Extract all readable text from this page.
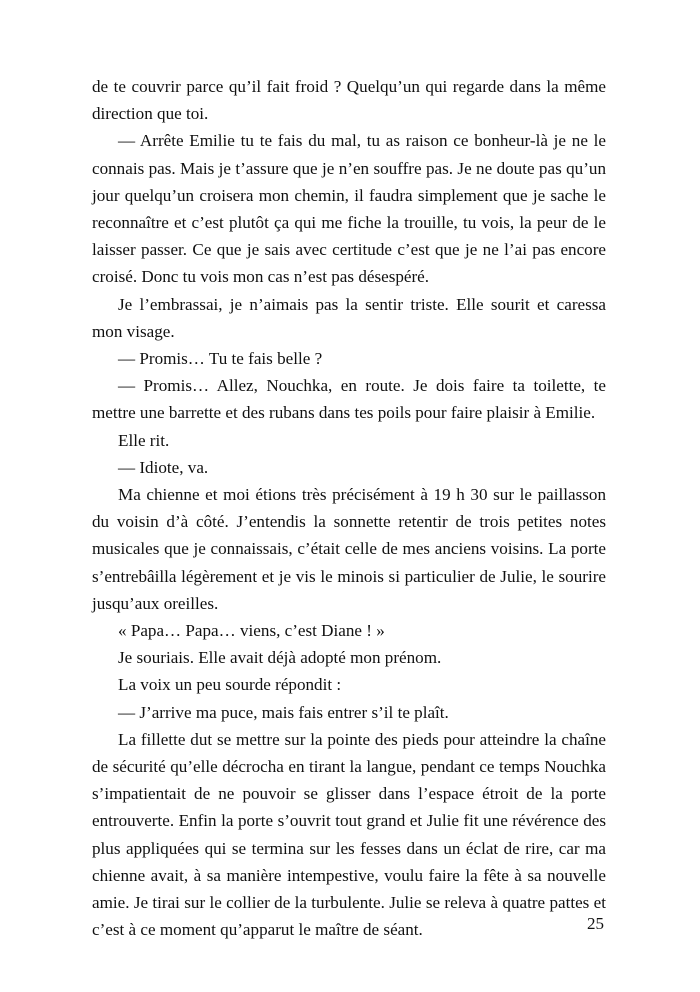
de te couvrir parce qu’il fait froid ? Quelqu’un qui regarde dans la même direction que toi.

— Arrête Emilie tu te fais du mal, tu as raison ce bonheur-là je ne le connais pas. Mais je t’assure que je n’en souffre pas. Je ne doute pas qu’un jour quelqu’un croisera mon chemin, il faudra simplement que je sache le reconnaître et c’est plutôt ça qui me fiche la trouille, tu vois, la peur de le laisser passer. Ce que je sais avec certitude c’est que je ne l’ai pas encore croisé. Donc tu vois mon cas n’est pas désespéré.

Je l’embrassai, je n’aimais pas la sentir triste. Elle sourit et caressa mon visage.

— Promis… Tu te fais belle ?

— Promis… Allez, Nouchka, en route. Je dois faire ta toilette, te mettre une barrette et des rubans dans tes poils pour faire plaisir à Emilie.

Elle rit.

— Idiote, va.

Ma chienne et moi étions très précisément à 19 h 30 sur le paillasson du voisin d’à côté. J’entendis la sonnette retentir de trois petites notes musicales que je connaissais, c’était celle de mes anciens voisins. La porte s’entrebâilla légèrement et je vis le minois si particulier de Julie, le sourire jusqu’aux oreilles.

« Papa… Papa… viens, c’est Diane ! »

Je souriais. Elle avait déjà adopté mon prénom.

La voix un peu sourde répondit :

— J’arrive ma puce, mais fais entrer s’il te plaît.

La fillette dut se mettre sur la pointe des pieds pour atteindre la chaîne de sécurité qu’elle décrocha en tirant la langue, pendant ce temps Nouchka s’impatientait de ne pouvoir se glisser dans l’espace étroit de la porte entrouverte. Enfin la porte s’ouvrit tout grand et Julie fit une révérence des plus appliquées qui se termina sur les fesses dans un éclat de rire, car ma chienne avait, à sa manière intempestive, voulu faire la fête à sa nouvelle amie. Je tirai sur le collier de la turbulente. Julie se releva à quatre pattes et c’est à ce moment qu’apparut le maître de séant.	25
